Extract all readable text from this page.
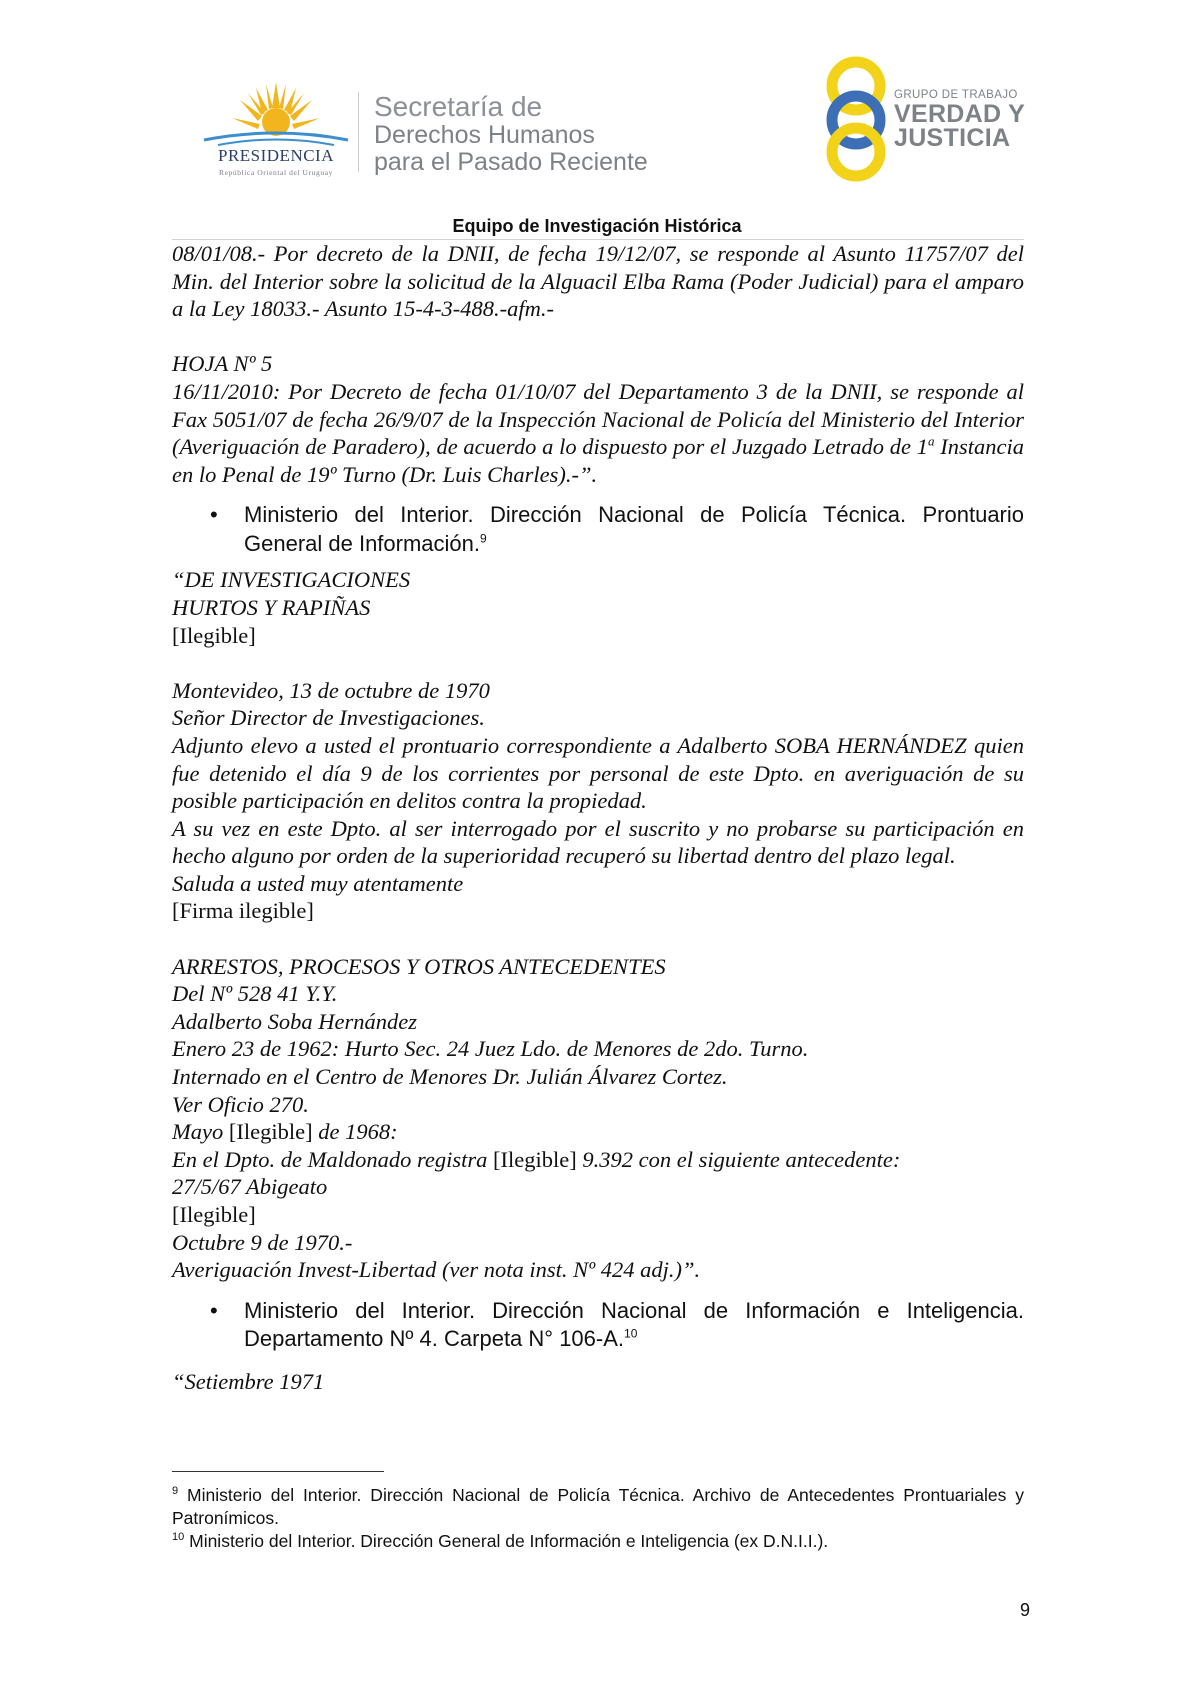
PRESIDENCIA
República Oriental del Uruguay
Secretaría de
Derechos Humanos
para el Pasado Reciente
GRUPO DE TRABAJO
VERDAD Y
JUSTICIA
Equipo de Investigación Histórica

08/01/08.- Por decreto de la DNII, de fecha 19/12/07, se responde al Asunto 11757/07 del Min. del Interior sobre la solicitud de la Alguacil Elba Rama (Poder Judicial) para el amparo a la Ley 18033.- Asunto 15-4-3-488.-afm.-

HOJA Nº 5

16/11/2010: Por Decreto de fecha 01/10/07 del Departamento 3 de la DNII, se responde al Fax 5051/07 de fecha 26/9/07 de la Inspección Nacional de Policía del Ministerio del Interior (Averiguación de Paradero), de acuerdo a lo dispuesto por el Juzgado Letrado de 1$^a$ Instancia en lo Penal de 19º Turno (Dr. Luis Charles).-”.

• Ministerio del Interior. Dirección Nacional de Policía Técnica. Prontuario General de Información.$^9$

“DE INVESTIGACIONES

HURTOS Y RAPIÑAS

[Ilegible]

Montevideo, 13 de octubre de 1970

Señor Director de Investigaciones.

Adjunto elevo a usted el prontuario correspondiente a Adalberto SOBA HERNÁNDEZ quien fue detenido el día 9 de los corrientes por personal de este Dpto. en averiguación de su posible participación en delitos contra la propiedad.

A su vez en este Dpto. al ser interrogado por el suscrito y no probarse su participación en hecho alguno por orden de la superioridad recuperó su libertad dentro del plazo legal.

Saluda a usted muy atentamente

[Firma ilegible]

ARRESTOS, PROCESOS Y OTROS ANTECEDENTES

Del Nº 528 41 Y.Y.

Adalberto Soba Hernández

Enero 23 de 1962: Hurto Sec. 24 Juez Ldo. de Menores de 2do. Turno.

Internado en el Centro de Menores Dr. Julián Álvarez Cortez.

Ver Oficio 270.

Mayo [Ilegible] de 1968:

En el Dpto. de Maldonado registra [Ilegible] 9.392 con el siguiente antecedente:

27/5/67 Abigeato

[Ilegible]

Octubre 9 de 1970.-

Averiguación Invest-Libertad (ver nota inst. Nº 424 adj.)”.

• Ministerio del Interior. Dirección Nacional de Información e Inteligencia. Departamento Nº 4. Carpeta N° 106-A.$^{10}$

“Setiembre 1971

$^9$ Ministerio del Interior. Dirección Nacional de Policía Técnica. Archivo de Antecedentes Prontuariales y Patronímicos.

$^{10}$ Ministerio del Interior. Dirección General de Información e Inteligencia (ex D.N.I.I.).

9
